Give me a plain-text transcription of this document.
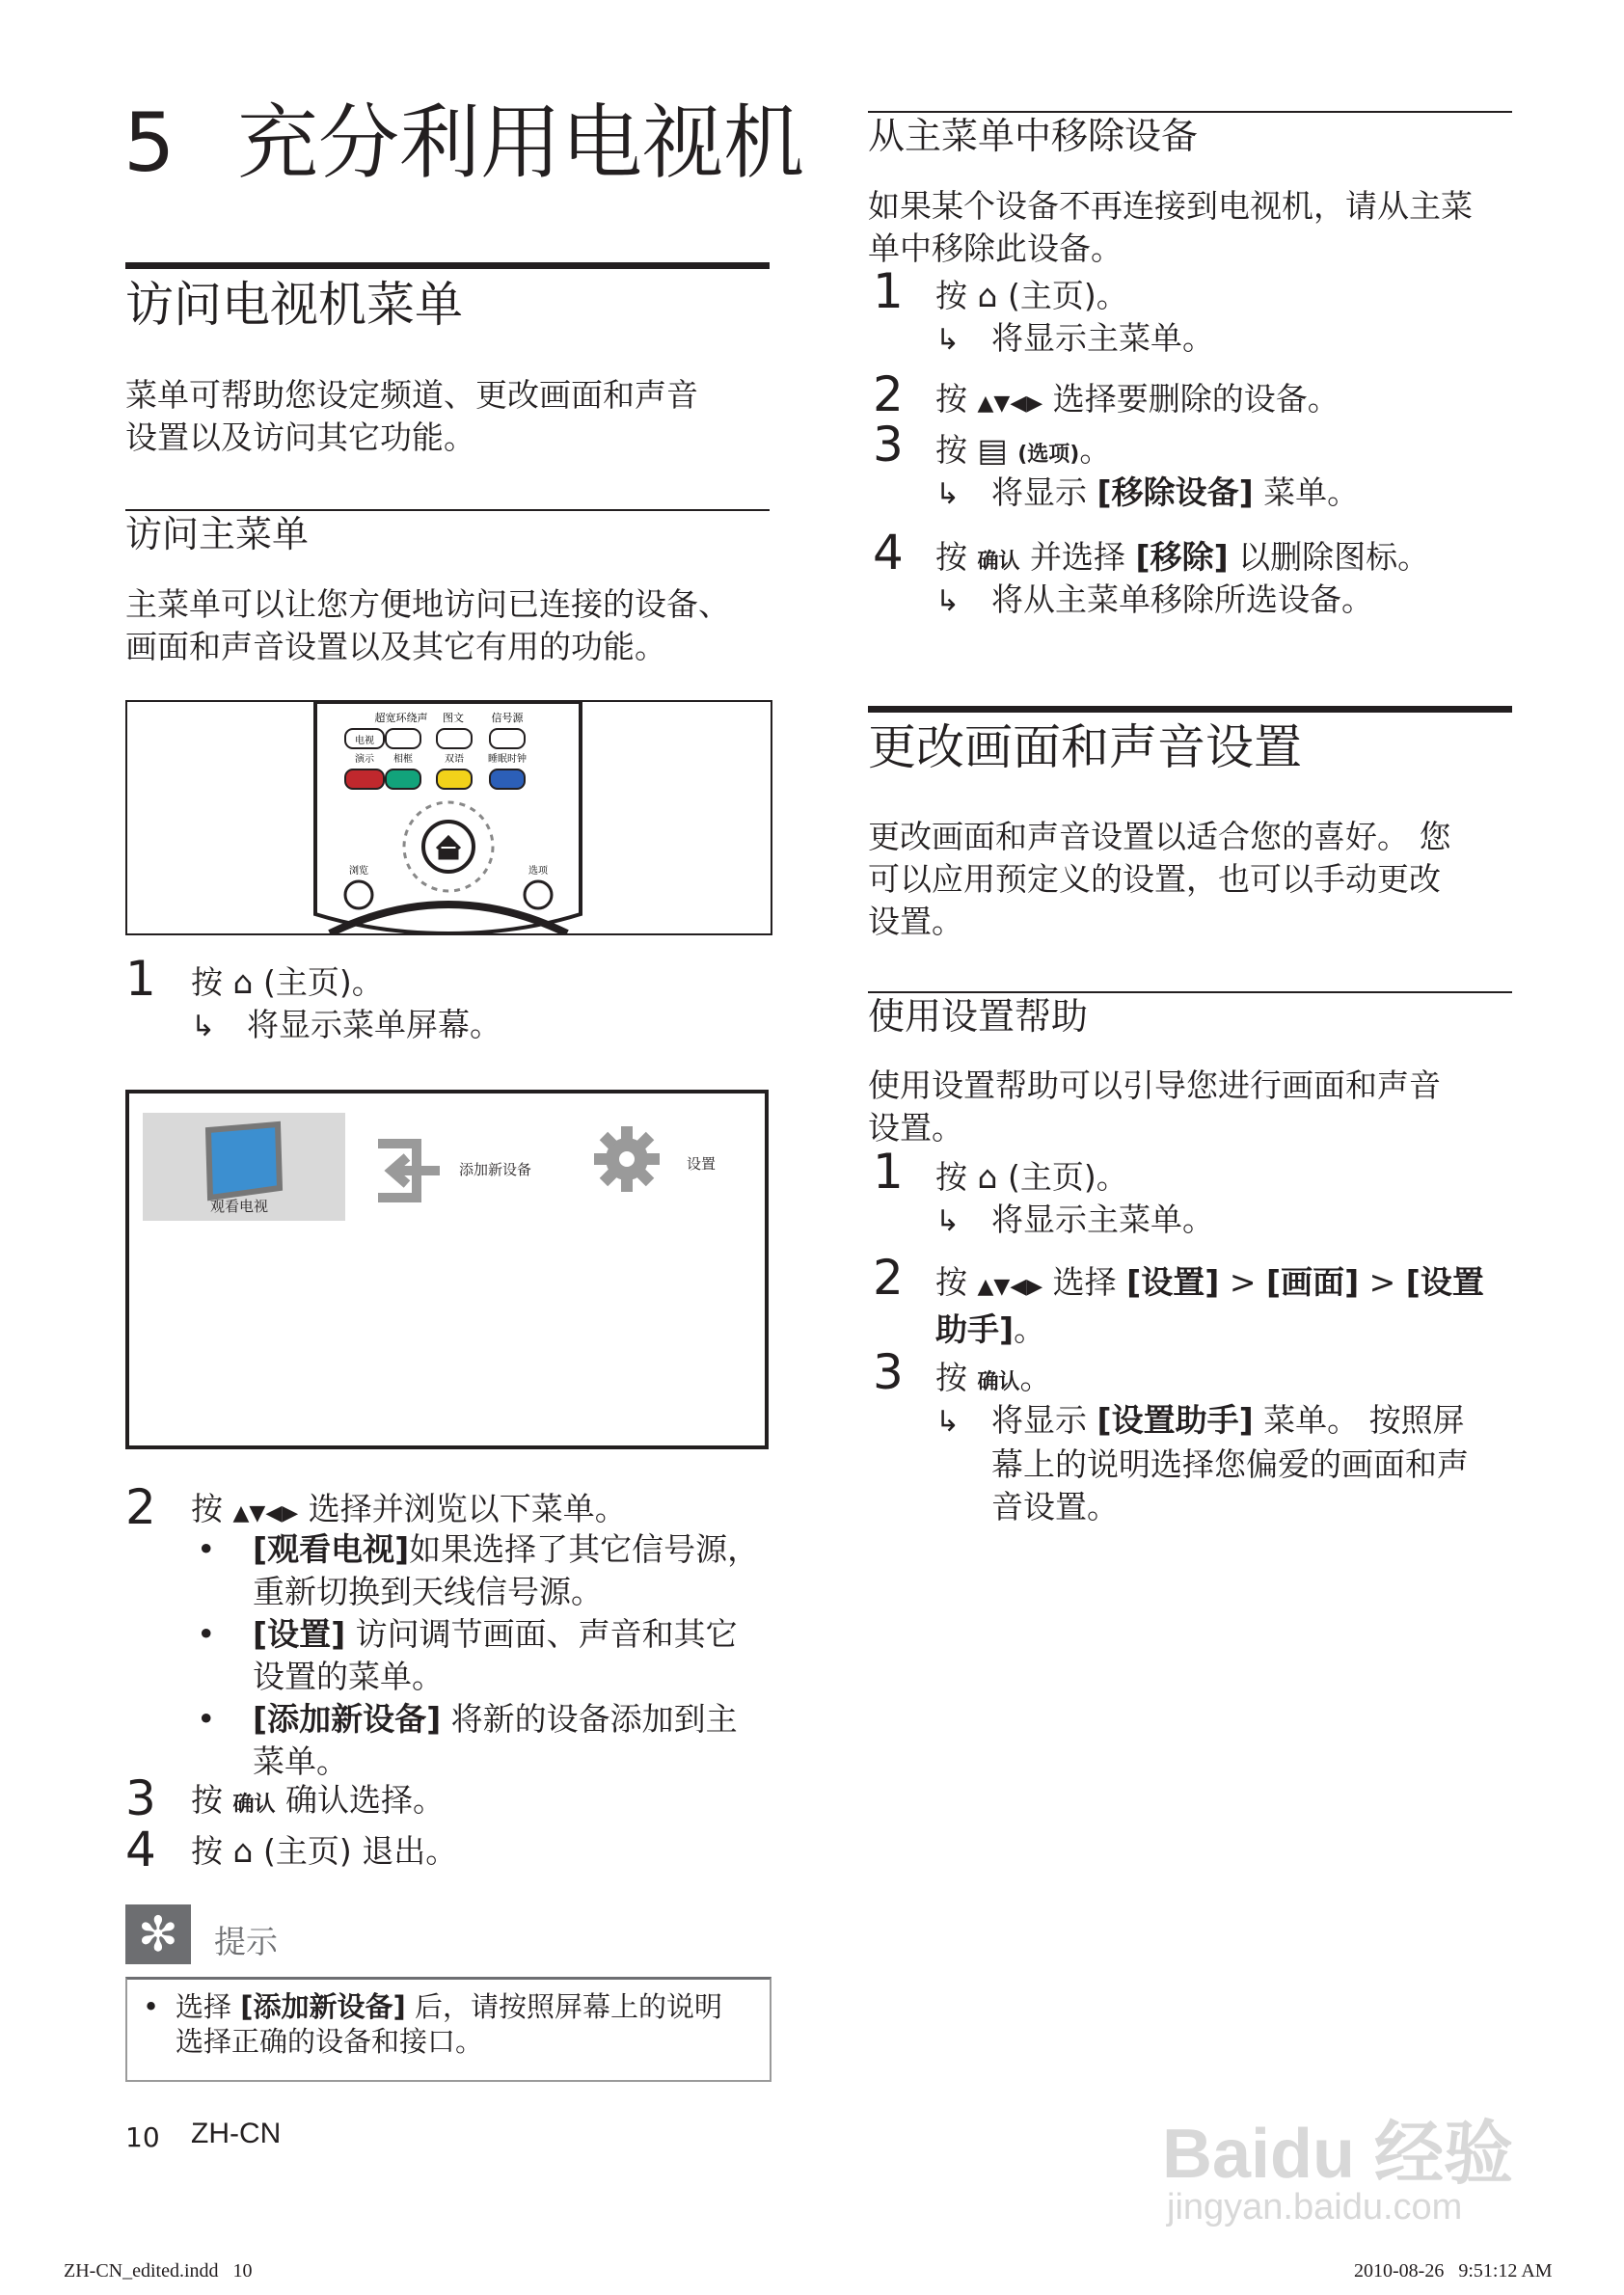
5 充分利用电视机
访问电视机菜单
菜单可帮助您设定频道、更改画面和声音
设置以及访问其它功能。
访问主菜单
主菜单可以让您方便地访问已连接的设备、
画面和声音设置以及其它有用的功能。
超宽环绕声 图文	信号源
电视
演示 相框	双语	睡眠时钟
浏览	选项
1 按 ⌂ (主页)。
↳ 将显示菜单屏幕。
观看电视
添加新设备	设置
2 按 ▲▼◀▶ 选择并浏览以下菜单。
• [观看电视]如果选择了其它信号源，
重新切换到天线信号源。
• [设置] 访问调节画面、声音和其它
设置的菜单。
• [添加新设备] 将新的设备添加到主
菜单。
3 按 确认 确认选择。
4 按 ⌂ (主页) 退出。
✻	提示
• 选择 [添加新设备] 后，请按照屏幕上的说明
选择正确的设备和接口。
10 ZH-CN
从主菜单中移除设备
如果某个设备不再连接到电视机，请从主菜
单中移除此设备。
1 按 ⌂ (主页)。
↳ 将显示主菜单。
2 按 ▲▼◀▶ 选择要删除的设备。
3 按 ▤ (选项)。
↳ 将显示 [移除设备] 菜单。
4 按 确认 并选择 [移除] 以删除图标。
↳ 将从主菜单移除所选设备。
更改画面和声音设置
更改画面和声音设置以适合您的喜好。 您
可以应用预定义的设置，也可以手动更改
设置。
使用设置帮助
使用设置帮助可以引导您进行画面和声音
设置。
1 按 ⌂ (主页)。
↳ 将显示主菜单。
2 按 ▲▼◀▶ 选择 [设置] > [画面] > [设置
助手]。
3 按 确认。
↳ 将显示 [设置助手] 菜单。 按照屏
幕上的说明选择您偏爱的画面和声
音设置。
Baidu 经验
jingyan.baidu.com
ZH-CN_edited.indd   10	2010-08-26   9:51:12 AM
